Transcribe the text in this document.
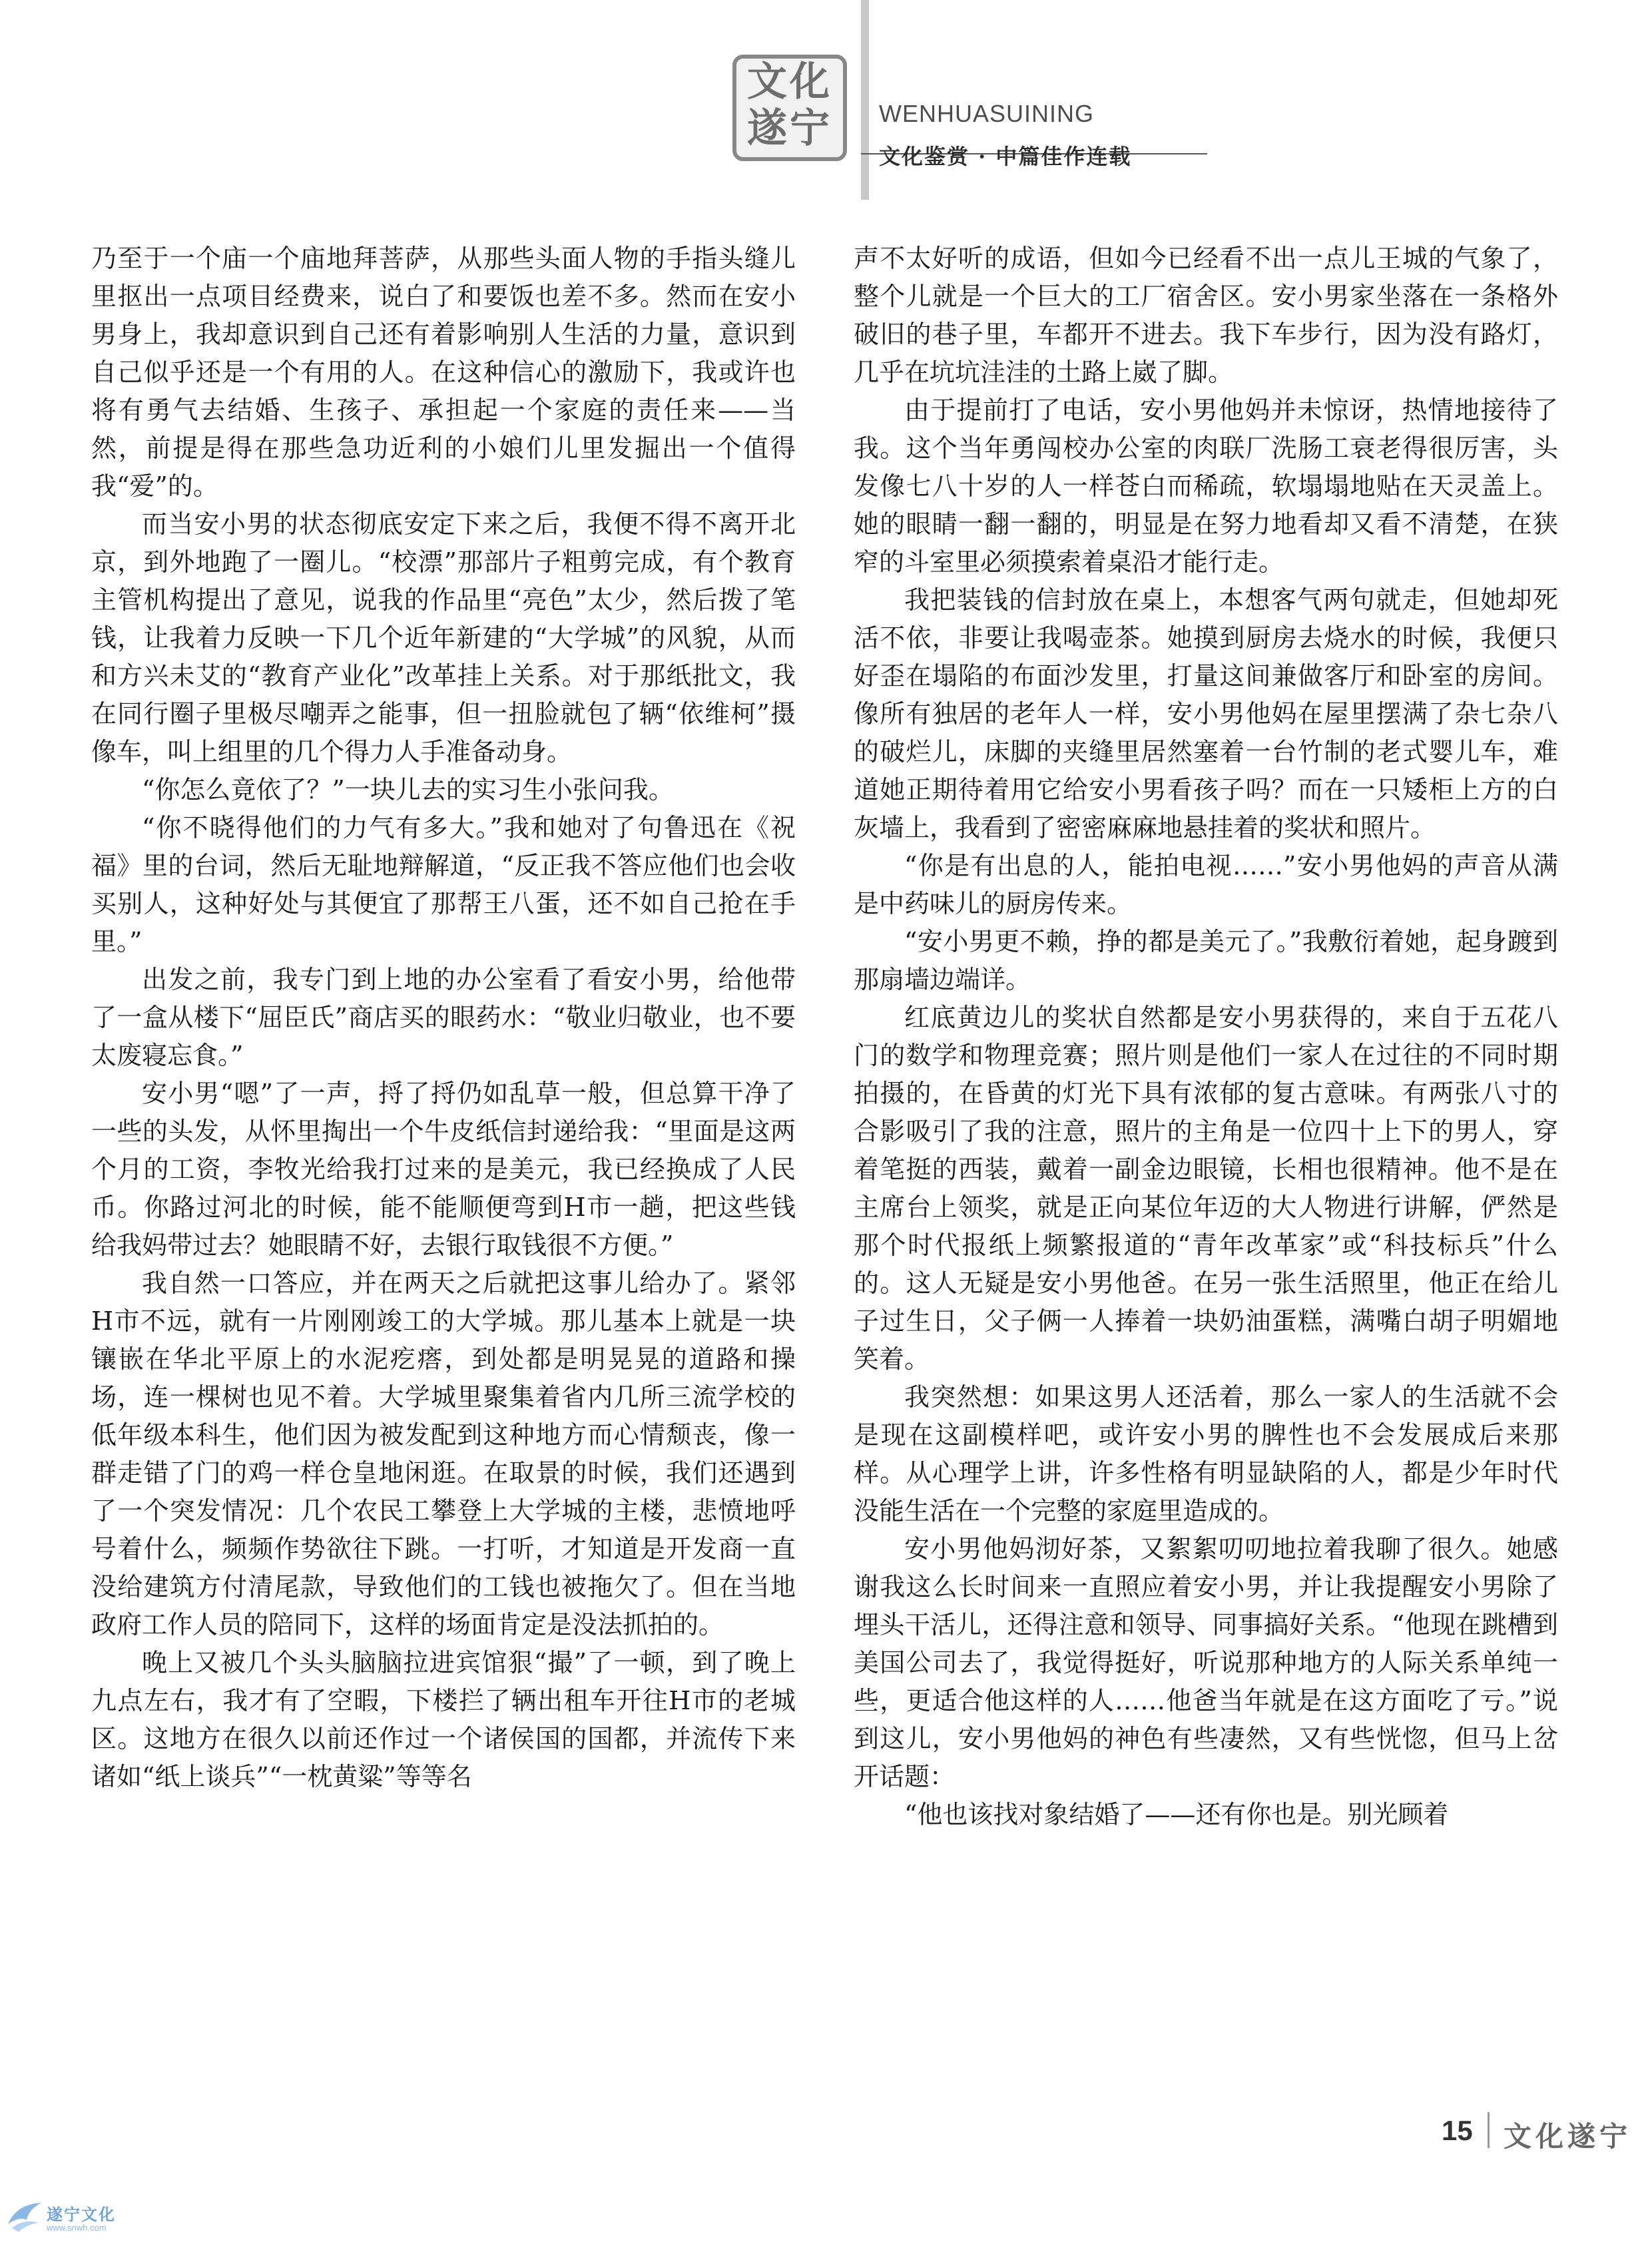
文化
遂宁	WENHUASUINING
文化鉴赏 · 中篇佳作连载

乃至于一个庙一个庙地拜菩萨，从那些头面人物的手指头缝儿里抠出一点项目经费来，说白了和要饭也差不多。然而在安小男身上，我却意识到自己还有着影响别人生活的力量，意识到自己似乎还是一个有用的人。在这种信心的激励下，我或许也将有勇气去结婚、生孩子、承担起一个家庭的责任来——当然，前提是得在那些急功近利的小娘们儿里发掘出一个值得我“爱”的。

而当安小男的状态彻底安定下来之后，我便不得不离开北京，到外地跑了一圈儿。“校漂”那部片子粗剪完成，有个教育主管机构提出了意见，说我的作品里“亮色”太少，然后拨了笔钱，让我着力反映一下几个近年新建的“大学城”的风貌，从而和方兴未艾的“教育产业化”改革挂上关系。对于那纸批文，我在同行圈子里极尽嘲弄之能事，但一扭脸就包了辆“依维柯”摄像车，叫上组里的几个得力人手准备动身。

“你怎么竟依了？”一块儿去的实习生小张问我。

“你不晓得他们的力气有多大。”我和她对了句鲁迅在《祝福》里的台词，然后无耻地辩解道，“反正我不答应他们也会收买别人，这种好处与其便宜了那帮王八蛋，还不如自己抢在手里。”

出发之前，我专门到上地的办公室看了看安小男，给他带了一盒从楼下“屈臣氏”商店买的眼药水：“敬业归敬业，也不要太废寝忘食。”

安小男“嗯”了一声，捋了捋仍如乱草一般，但总算干净了一些的头发，从怀里掏出一个牛皮纸信封递给我：“里面是这两个月的工资，李牧光给我打过来的是美元，我已经换成了人民币。你路过河北的时候，能不能顺便弯到H市一趟，把这些钱给我妈带过去？她眼睛不好，去银行取钱很不方便。”

我自然一口答应，并在两天之后就把这事儿给办了。紧邻H市不远，就有一片刚刚竣工的大学城。那儿基本上就是一块镶嵌在华北平原上的水泥疙瘩，到处都是明晃晃的道路和操场，连一棵树也见不着。大学城里聚集着省内几所三流学校的低年级本科生，他们因为被发配到这种地方而心情颓丧，像一群走错了门的鸡一样仓皇地闲逛。在取景的时候，我们还遇到了一个突发情况：几个农民工攀登上大学城的主楼，悲愤地呼号着什么，频频作势欲往下跳。一打听，才知道是开发商一直没给建筑方付清尾款，导致他们的工钱也被拖欠了。但在当地政府工作人员的陪同下，这样的场面肯定是没法抓拍的。

晚上又被几个头头脑脑拉进宾馆狠“撮”了一顿，到了晚上九点左右，我才有了空暇，下楼拦了辆出租车开往H市的老城区。这地方在很久以前还作过一个诸侯国的国都，并流传下来诸如“纸上谈兵”“一枕黄粱”等等名

声不太好听的成语，但如今已经看不出一点儿王城的气象了，整个儿就是一个巨大的工厂宿舍区。安小男家坐落在一条格外破旧的巷子里，车都开不进去。我下车步行，因为没有路灯，几乎在坑坑洼洼的土路上崴了脚。

由于提前打了电话，安小男他妈并未惊讶，热情地接待了我。这个当年勇闯校办公室的肉联厂洗肠工衰老得很厉害，头发像七八十岁的人一样苍白而稀疏，软塌塌地贴在天灵盖上。她的眼睛一翻一翻的，明显是在努力地看却又看不清楚，在狭窄的斗室里必须摸索着桌沿才能行走。

我把装钱的信封放在桌上，本想客气两句就走，但她却死活不依，非要让我喝壶茶。她摸到厨房去烧水的时候，我便只好歪在塌陷的布面沙发里，打量这间兼做客厅和卧室的房间。像所有独居的老年人一样，安小男他妈在屋里摆满了杂七杂八的破烂儿，床脚的夹缝里居然塞着一台竹制的老式婴儿车，难道她正期待着用它给安小男看孩子吗？而在一只矮柜上方的白灰墙上，我看到了密密麻麻地悬挂着的奖状和照片。

“你是有出息的人，能拍电视……”安小男他妈的声音从满是中药味儿的厨房传来。

“安小男更不赖，挣的都是美元了。”我敷衍着她，起身踱到那扇墙边端详。

红底黄边儿的奖状自然都是安小男获得的，来自于五花八门的数学和物理竞赛；照片则是他们一家人在过往的不同时期拍摄的，在昏黄的灯光下具有浓郁的复古意味。有两张八寸的合影吸引了我的注意，照片的主角是一位四十上下的男人，穿着笔挺的西装，戴着一副金边眼镜，长相也很精神。他不是在主席台上领奖，就是正向某位年迈的大人物进行讲解，俨然是那个时代报纸上频繁报道的“青年改革家”或“科技标兵”什么的。这人无疑是安小男他爸。在另一张生活照里，他正在给儿子过生日，父子俩一人捧着一块奶油蛋糕，满嘴白胡子明媚地笑着。

我突然想：如果这男人还活着，那么一家人的生活就不会是现在这副模样吧，或许安小男的脾性也不会发展成后来那样。从心理学上讲，许多性格有明显缺陷的人，都是少年时代没能生活在一个完整的家庭里造成的。

安小男他妈沏好茶，又絮絮叨叨地拉着我聊了很久。她感谢我这么长时间来一直照应着安小男，并让我提醒安小男除了埋头干活儿，还得注意和领导、同事搞好关系。“他现在跳槽到美国公司去了，我觉得挺好，听说那种地方的人际关系单纯一些，更适合他这样的人……他爸当年就是在这方面吃了亏。”说到这儿，安小男他妈的神色有些凄然，又有些恍惚，但马上岔开话题：

“他也该找对象结婚了——还有你也是。别光顾着

15 文化遂宁
遂宁文化
www.snwh.com
